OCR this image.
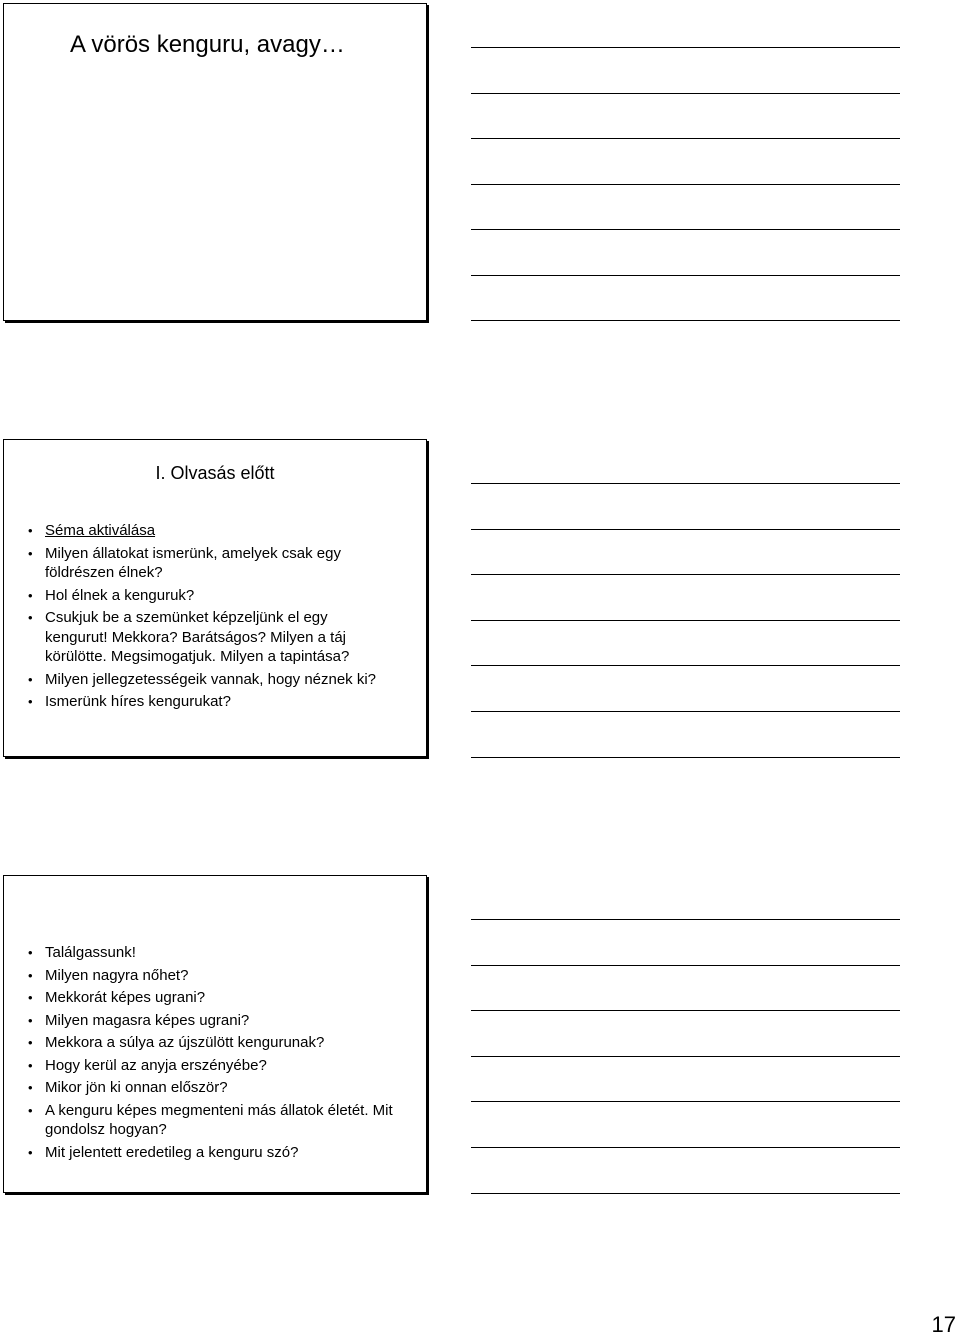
A vörös kenguru, avagy…
I. Olvasás előtt
• Séma aktiválása
• Milyen állatokat ismerünk, amelyek csak egy földrészen élnek?
• Hol élnek a kenguruk?
• Csukjuk be a szemünket képzeljünk el egy kengurut! Mekkora? Barátságos? Milyen a táj körülötte. Megsimogatjuk. Milyen a tapintása?
• Milyen jellegzetességeik vannak, hogy néznek ki?
• Ismerünk híres kengurukat?
• Találgassunk!
• Milyen nagyra nőhet?
• Mekkorát képes ugrani?
• Milyen magasra képes ugrani?
• Mekkora a súlya az újszülött kengurunak?
• Hogy kerül az anyja erszényébe?
• Mikor jön ki onnan először?
• A kenguru képes megmenteni más állatok életét. Mit gondolsz hogyan?
• Mit jelentett eredetileg a kenguru szó?
17
